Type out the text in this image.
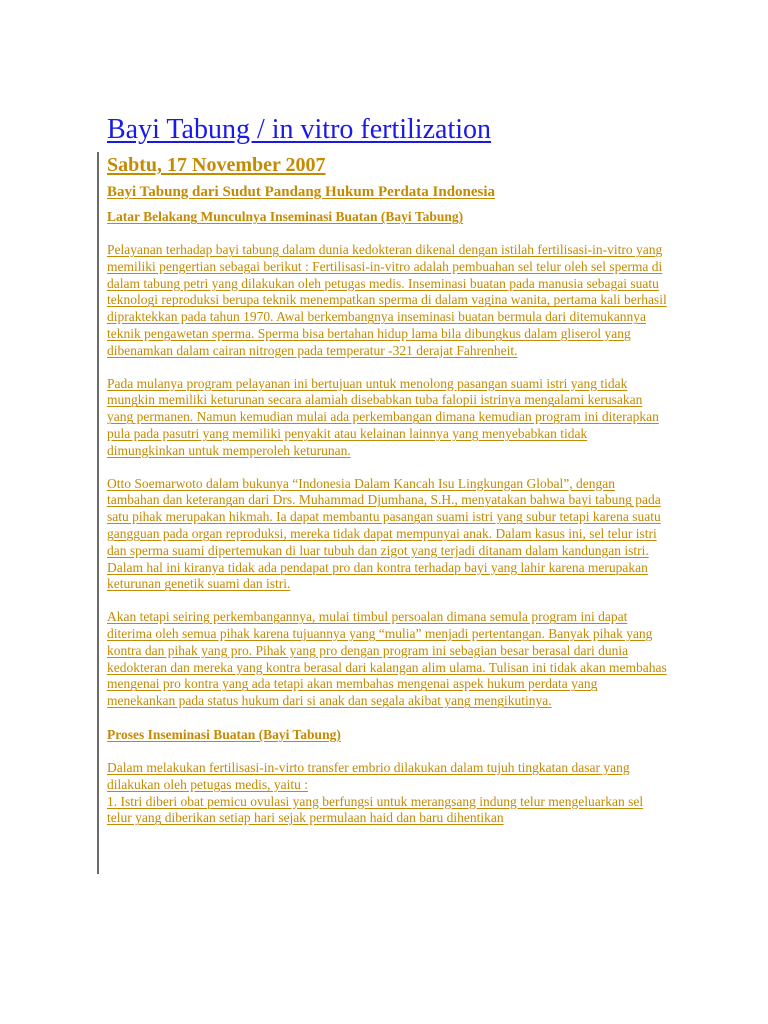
Bayi Tabung / in vitro fertilization
Sabtu, 17 November 2007
Bayi Tabung dari Sudut Pandang Hukum Perdata Indonesia
Latar Belakang Munculnya Inseminasi Buatan (Bayi Tabung)

Pelayanan terhadap bayi tabung dalam dunia kedokteran dikenal dengan istilah fertilisasi-in-vitro yang memiliki pengertian sebagai berikut : Fertilisasi-in-vitro adalah pembuahan sel telur oleh sel sperma di dalam tabung petri yang dilakukan oleh petugas medis. Inseminasi buatan pada manusia sebagai suatu teknologi reproduksi berupa teknik menempatkan sperma di dalam vagina wanita, pertama kali berhasil dipraktekkan pada tahun 1970. Awal berkembangnya inseminasi buatan bermula dari ditemukannya teknik pengawetan sperma. Sperma bisa bertahan hidup lama bila dibungkus dalam gliserol yang dibenamkan dalam cairan nitrogen pada temperatur -321 derajat Fahrenheit.

Pada mulanya program pelayanan ini bertujuan untuk menolong pasangan suami istri yang tidak mungkin memiliki keturunan secara alamiah disebabkan tuba falopii istrinya mengalami kerusakan yang permanen. Namun kemudian mulai ada perkembangan dimana kemudian program ini diterapkan pula pada pasutri yang memiliki penyakit atau kelainan lainnya yang menyebabkan tidak dimungkinkan untuk memperoleh keturunan.

Otto Soemarwoto dalam bukunya “Indonesia Dalam Kancah Isu Lingkungan Global”, dengan tambahan dan keterangan dari Drs. Muhammad Djumhana, S.H., menyatakan bahwa bayi tabung pada satu pihak merupakan hikmah. Ia dapat membantu pasangan suami istri yang subur tetapi karena suatu gangguan pada organ reproduksi, mereka tidak dapat mempunyai anak. Dalam kasus ini, sel telur istri dan sperma suami dipertemukan di luar tubuh dan zigot yang terjadi ditanam dalam kandungan istri. Dalam hal ini kiranya tidak ada pendapat pro dan kontra terhadap bayi yang lahir karena merupakan keturunan genetik suami dan istri.

Akan tetapi seiring perkembangannya, mulai timbul persoalan dimana semula program ini dapat diterima oleh semua pihak karena tujuannya yang “mulia” menjadi pertentangan. Banyak pihak yang kontra dan pihak yang pro. Pihak yang pro dengan program ini sebagian besar berasal dari dunia kedokteran dan mereka yang kontra berasal dari kalangan alim ulama. Tulisan ini tidak akan membahas mengenai pro kontra yang ada tetapi akan membahas mengenai aspek hukum perdata yang menekankan pada status hukum dari si anak dan segala akibat yang mengikutinya.

Proses Inseminasi Buatan (Bayi Tabung)

Dalam melakukan fertilisasi-in-virto transfer embrio dilakukan dalam tujuh tingkatan dasar yang dilakukan oleh petugas medis, yaitu :
1. Istri diberi obat pemicu ovulasi yang berfungsi untuk merangsang indung telur mengeluarkan sel telur yang diberikan setiap hari sejak permulaan haid dan baru dihentikan
